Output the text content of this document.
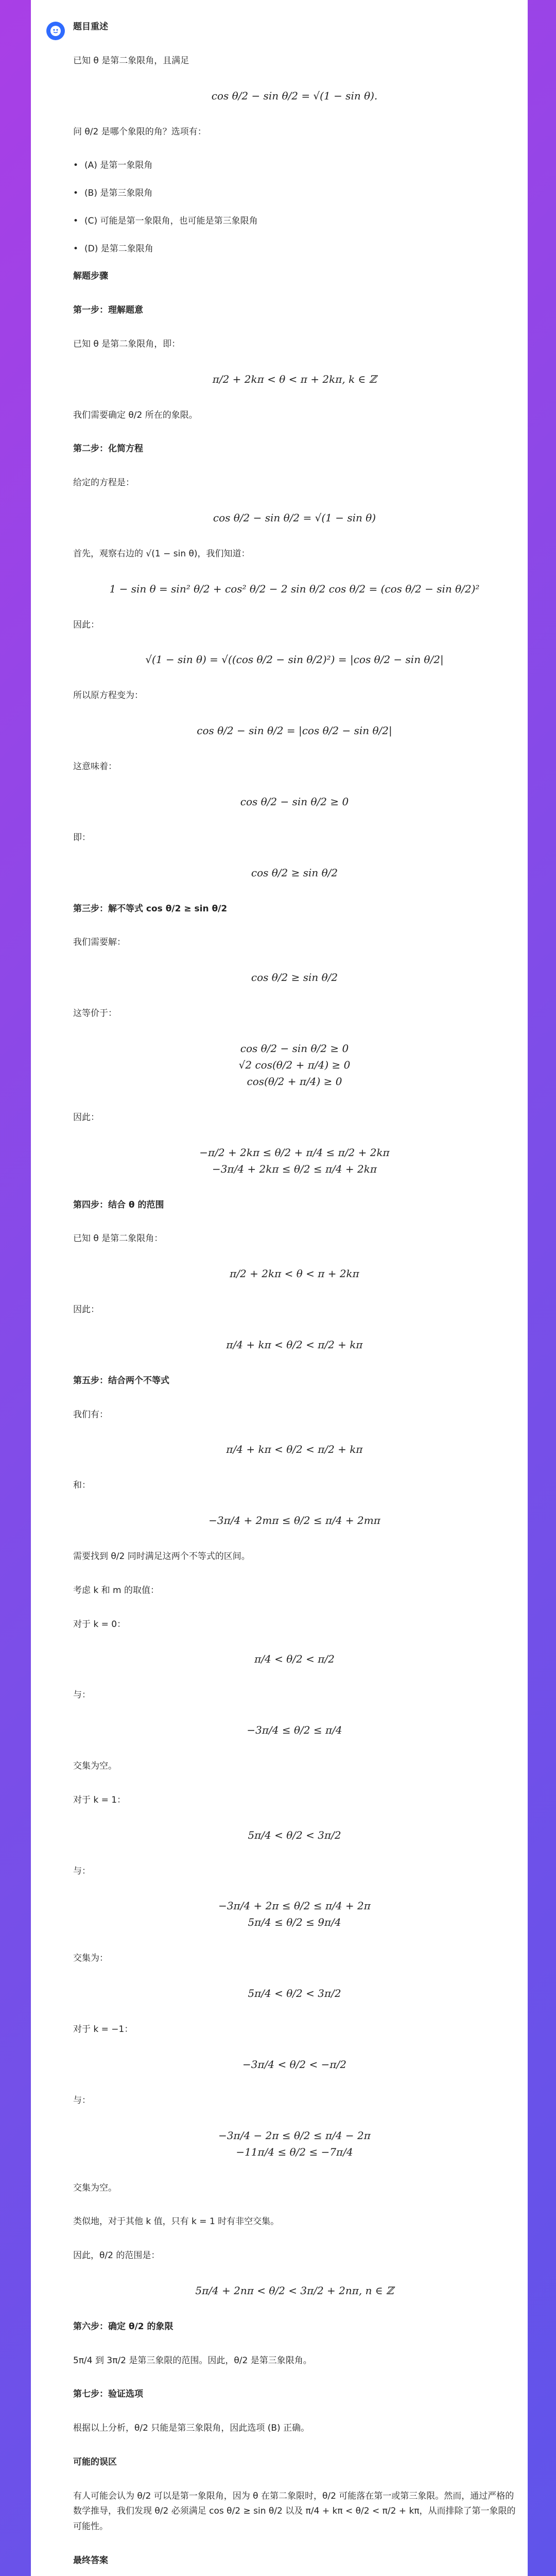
题目重述
已知 θ 是第二象限角，且满足
cos θ/2 − sin θ/2 = √(1 − sin θ).
问 θ/2 是哪个象限的角？选项有：
• (A) 是第一象限角
• (B) 是第三象限角
• (C) 可能是第一象限角，也可能是第三象限角
• (D) 是第二象限角
解题步骤
第一步：理解题意
已知 θ 是第二象限角，即：
π/2 + 2kπ < θ < π + 2kπ, k ∈ ℤ
我们需要确定 θ/2 所在的象限。
第二步：化简方程
给定的方程是：
cos θ/2 − sin θ/2 = √(1 − sin θ)
首先，观察右边的 √(1 − sin θ)，我们知道：
1 − sin θ = sin² θ/2 + cos² θ/2 − 2 sin θ/2 cos θ/2 = (cos θ/2 − sin θ/2)²
因此：
√(1 − sin θ) = √((cos θ/2 − sin θ/2)²) = |cos θ/2 − sin θ/2|
所以原方程变为：
cos θ/2 − sin θ/2 = |cos θ/2 − sin θ/2|
这意味着：
cos θ/2 − sin θ/2 ≥ 0
即：
cos θ/2 ≥ sin θ/2
第三步：解不等式 cos θ/2 ≥ sin θ/2
我们需要解：
cos θ/2 ≥ sin θ/2
这等价于：
cos θ/2 − sin θ/2 ≥ 0
√2 cos(θ/2 + π/4) ≥ 0
cos(θ/2 + π/4) ≥ 0
因此：
−π/2 + 2kπ ≤ θ/2 + π/4 ≤ π/2 + 2kπ
−3π/4 + 2kπ ≤ θ/2 ≤ π/4 + 2kπ
第四步：结合 θ 的范围
已知 θ 是第二象限角：
π/2 + 2kπ < θ < π + 2kπ
因此：
π/4 + kπ < θ/2 < π/2 + kπ
第五步：结合两个不等式
我们有：
π/4 + kπ < θ/2 < π/2 + kπ
和：
−3π/4 + 2mπ ≤ θ/2 ≤ π/4 + 2mπ
需要找到 θ/2 同时满足这两个不等式的区间。
考虑 k 和 m 的取值：
对于 k = 0：
π/4 < θ/2 < π/2
与：
−3π/4 ≤ θ/2 ≤ π/4
交集为空。
对于 k = 1：
5π/4 < θ/2 < 3π/2
与：
−3π/4 + 2π ≤ θ/2 ≤ π/4 + 2π
5π/4 ≤ θ/2 ≤ 9π/4
交集为：
5π/4 < θ/2 < 3π/2
对于 k = −1：
−3π/4 < θ/2 < −π/2
与：
−3π/4 − 2π ≤ θ/2 ≤ π/4 − 2π
−11π/4 ≤ θ/2 ≤ −7π/4
交集为空。
类似地，对于其他 k 值，只有 k = 1 时有非空交集。
因此，θ/2 的范围是：
5π/4 + 2nπ < θ/2 < 3π/2 + 2nπ, n ∈ ℤ
第六步：确定 θ/2 的象限
5π/4 到 3π/2 是第三象限的范围。因此，θ/2 是第三象限角。
第七步：验证选项
根据以上分析，θ/2 只能是第三象限角，因此选项 (B) 正确。
可能的误区
有人可能会认为 θ/2 可以是第一象限角，因为 θ 在第二象限时，θ/2 可能落在第一或第三象限。然而，通过严格的数学推导，我们发现 θ/2 必须满足 cos θ/2 ≥ sin θ/2 以及 π/4 + kπ < θ/2 < π/2 + kπ，从而排除了第一象限的可能性。
最终答案
